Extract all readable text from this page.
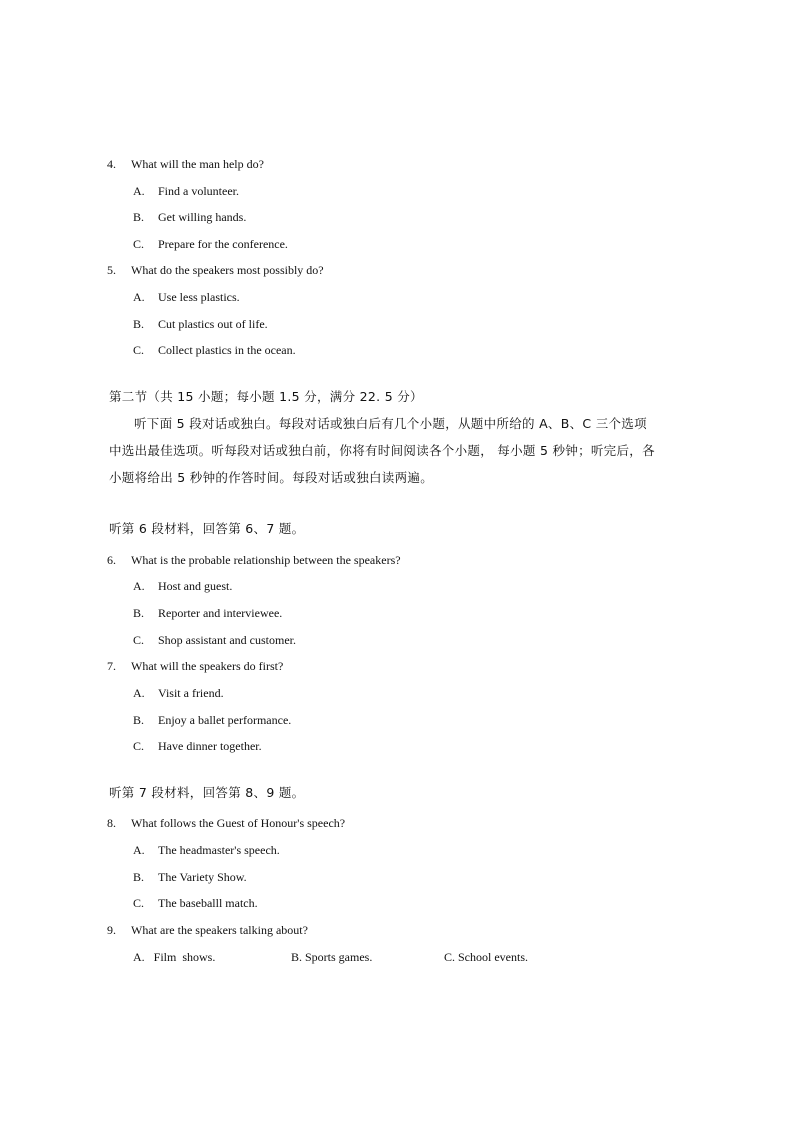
4. What will the man help do?
A. Find a volunteer.
B. Get willing hands.
C. Prepare for the conference.
5. What do the speakers most possibly do?
A. Use less plastics.
B. Cut plastics out of life.
C. Collect plastics in the ocean.
第二节（共 15 小题；每小题 1.5 分，满分 22. 5 分）
听下面 5 段对话或独白。每段对话或独白后有几个小题，从题中所给的 A、B、C 三个选项
中选出最佳选项。听每段对话或独白前，你将有时间阅读各个小题， 每小题 5 秒钟；听完后，各
小题将给出 5 秒钟的作答时间。每段对话或独白读两遍。
听第 6 段材料，回答第 6、7 题。
6. What is the probable relationship between the speakers?
A. Host and guest.
B. Reporter and interviewee.
C. Shop assistant and customer.
7. What will the speakers do first?
A. Visit a friend.
B. Enjoy a ballet performance.
C. Have dinner together.
听第 7 段材料，回答第 8、9 题。
8. What follows the Guest of Honour's speech?
A. The headmaster's speech.
B. The Variety Show.
C. The baseballl match.
9. What are the speakers talking about?
A.   Film  shows.	B. Sports games.	C. School events.
